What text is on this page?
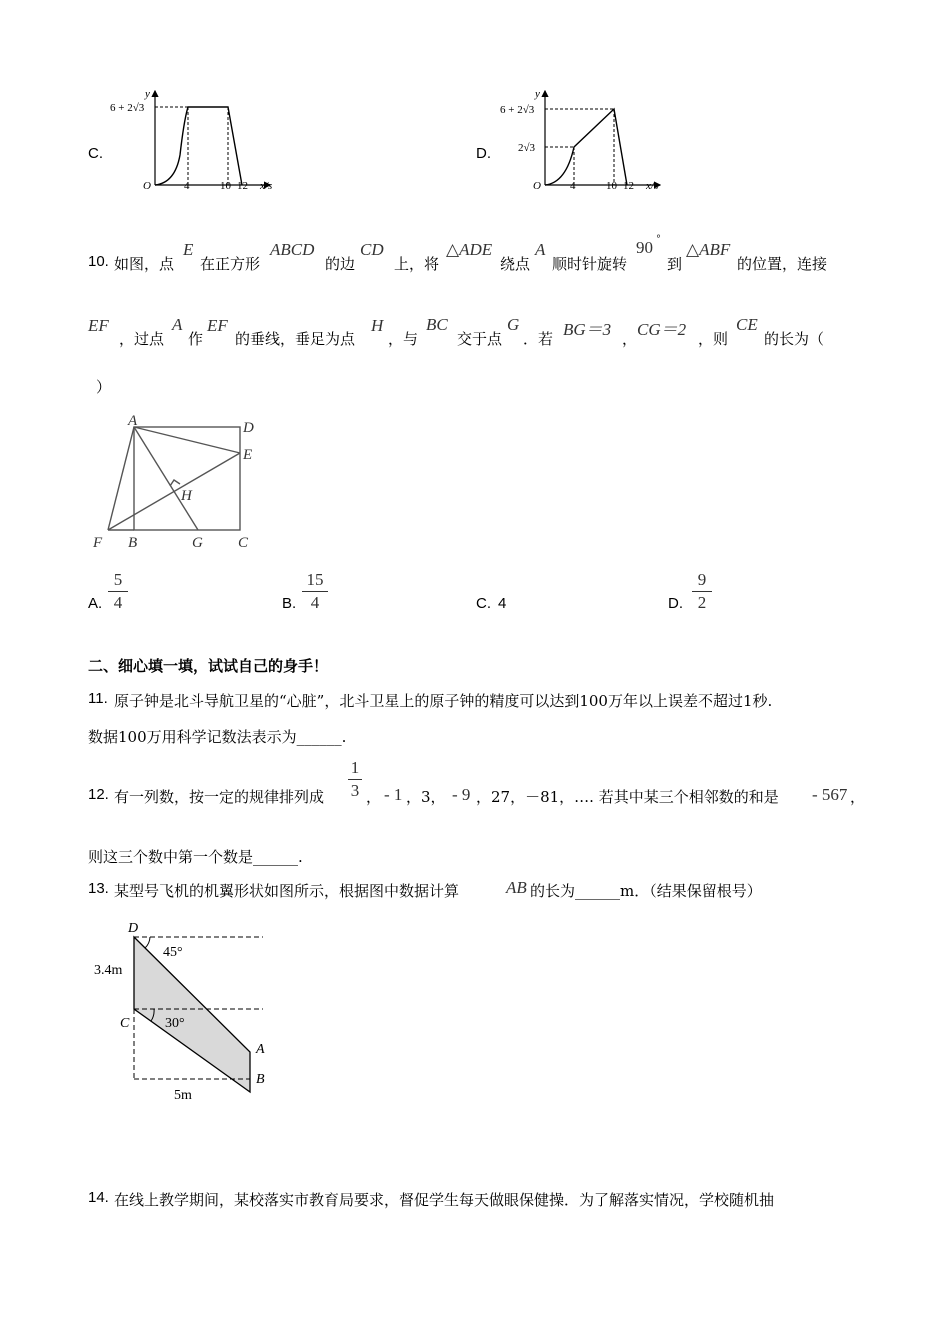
C.
y
6 + 2√3
O	4	10 12 x/s
D.
y
6 + 2√3
2√3
O	4	10 12 x/s
10. 如图，点
E
在正方形
ABCD
的边
CD
上，将
△ADE
绕点
A
顺时针旋转
90 °
到
△ABF
的位置，连接
EF
，过点
A
作
EF
的垂线，垂足为点
H
，与
BC
交于点
G
．若 BG＝3 ， CG＝2 ，则
CE
的长为（
）
A	D
E
H
F B	G C
A.
5
4	B.
15
4	C. 4	D.
9
2
二、细心填一填，试试自己的身手！
11. 原子钟是北斗导航卫星的“心脏”，北斗卫星上的原子钟的精度可以达到100万年以上误差不超过1秒.
数据100万用科学记数法表示为______.
12. 有一列数，按一定的规律排列成
1
3 ， - 1 ，3， - 9 ，27，－81，…. 若其中某三个相邻数的和是 - 567 ，
则这三个数中第一个数是______.
13. 某型号飞机的机翼形状如图所示，根据图中数据计算	AB 的长为______m．（结果保留根号）
D
C
A
B
45°
30°
3.4m
5m
14. 在线上教学期间，某校落实市教育局要求，督促学生每天做眼保健操．为了解落实情况，学校随机抽
